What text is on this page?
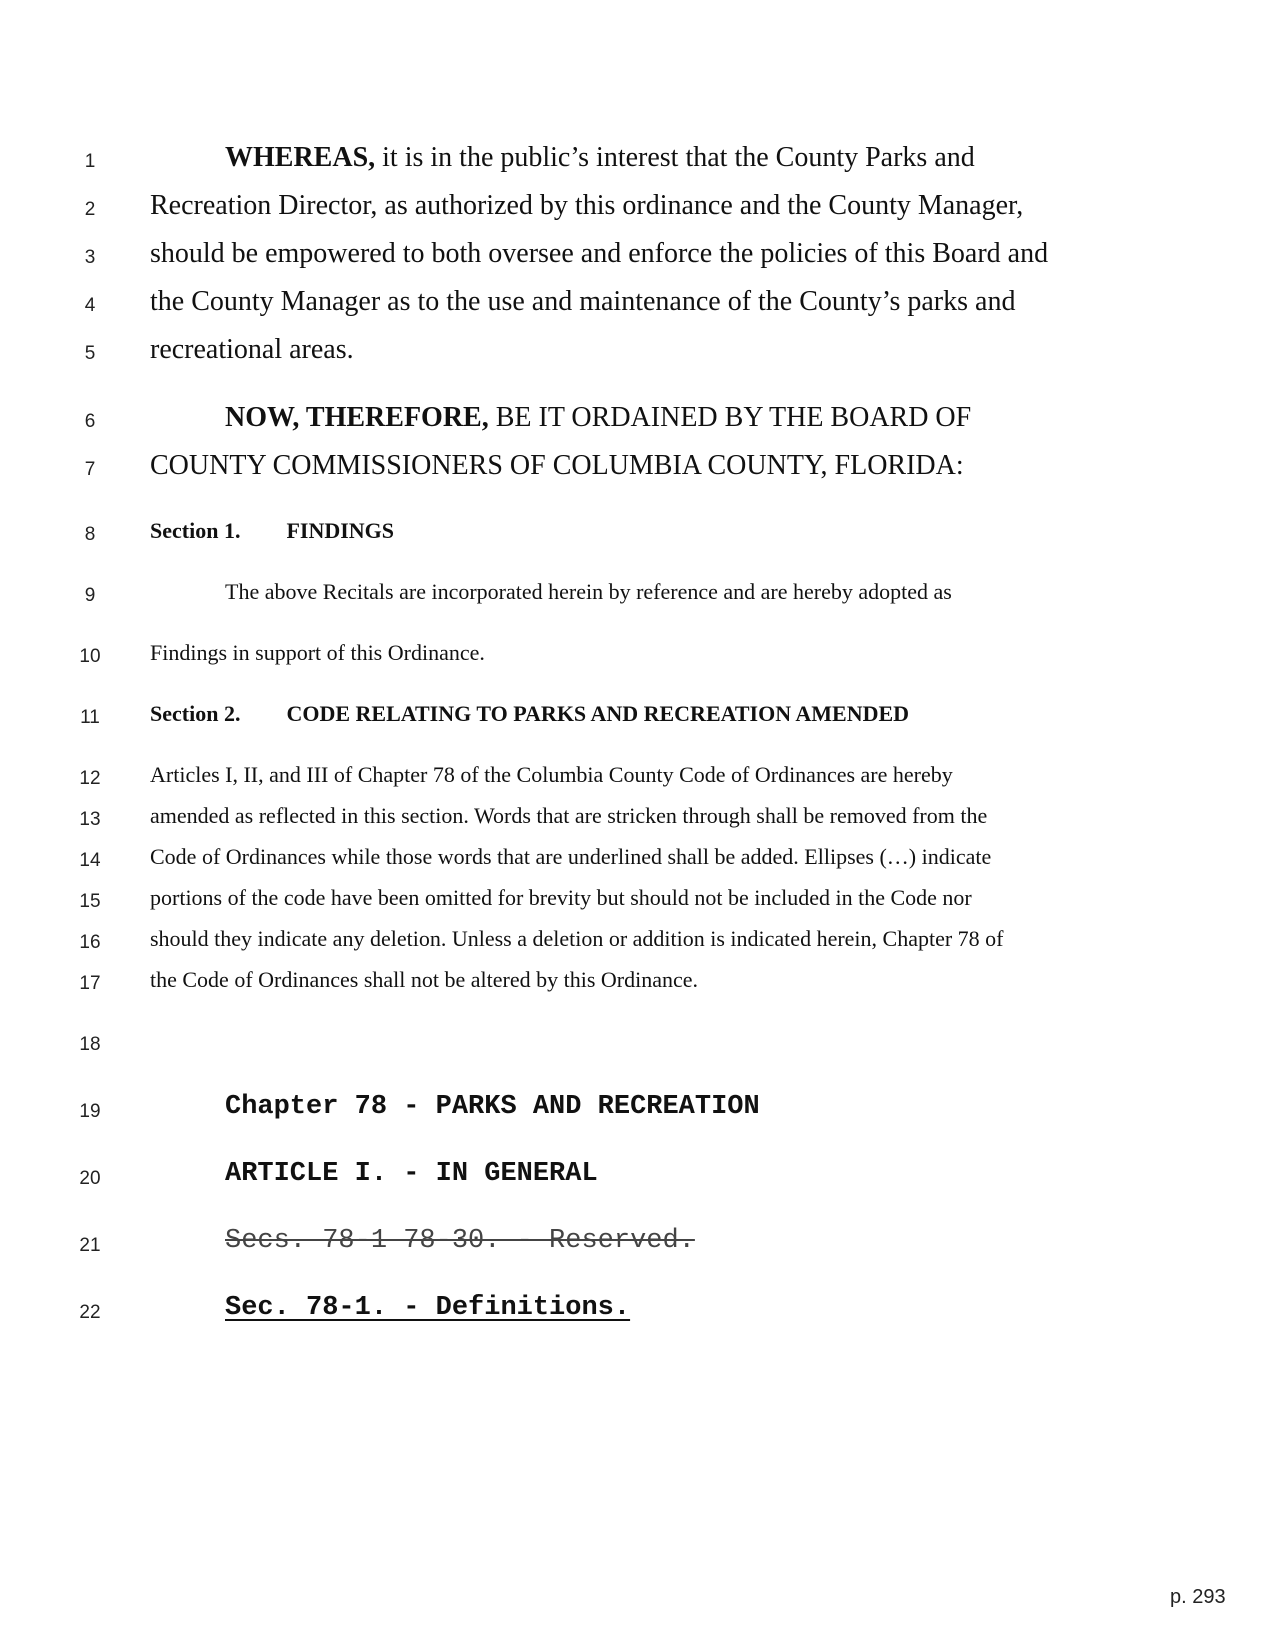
1
2
3
4
5
6
7
8
9
10
11
12
13
14
15
16
17
18
19
20
21
22
WHEREAS, it is in the public’s interest that the County Parks and
Recreation Director, as authorized by this ordinance and the County Manager,
should be empowered to both oversee and enforce the policies of this Board and
the County Manager as to the use and maintenance of the County’s parks and
recreational areas.
NOW, THEREFORE, BE IT ORDAINED BY THE BOARD OF
COUNTY COMMISSIONERS OF COLUMBIA COUNTY, FLORIDA:
Section 1. FINDINGS
The above Recitals are incorporated herein by reference and are hereby adopted as
Findings in support of this Ordinance.
Section 2. CODE RELATING TO PARKS AND RECREATION AMENDED
Articles I, II, and III of Chapter 78 of the Columbia County Code of Ordinances are hereby
amended as reflected in this section. Words that are stricken through shall be removed from the
Code of Ordinances while those words that are underlined shall be added. Ellipses (…) indicate
portions of the code have been omitted for brevity but should not be included in the Code nor
should they indicate any deletion. Unless a deletion or addition is indicated herein, Chapter 78 of
the Code of Ordinances shall not be altered by this Ordinance.
Chapter 78 - PARKS AND RECREATION
ARTICLE I. - IN GENERAL
Secs. 78-1—78-30. - Reserved.
Sec. 78-1. - Definitions.
p. 293
